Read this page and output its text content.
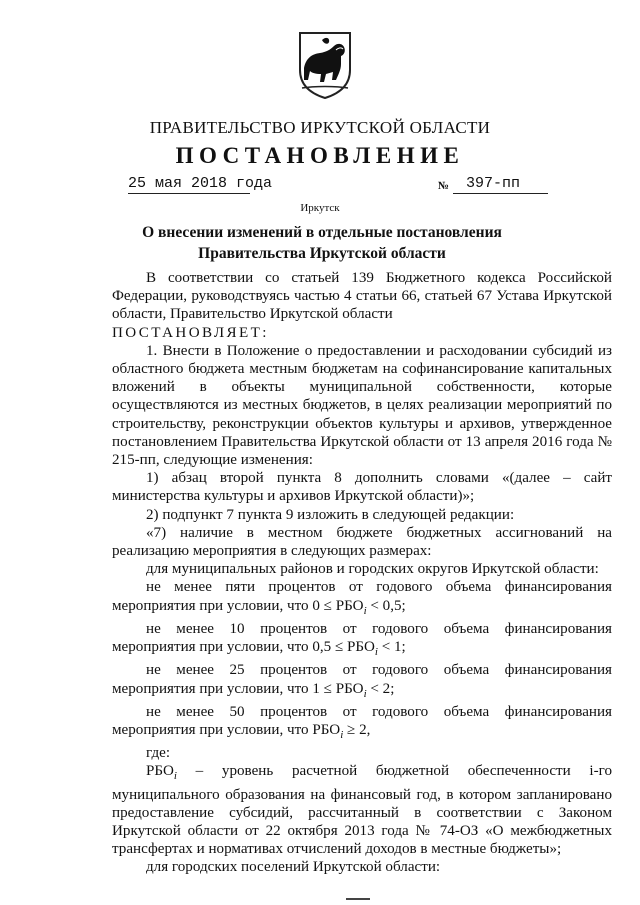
ПРАВИТЕЛЬСТВО ИРКУТСКОЙ ОБЛАСТИ
ПОСТАНОВЛЕНИЕ
25 мая 2018 года	№ 397-пп
Иркутск
О внесении изменений в отдельные постановления Правительства Иркутской области

В соответствии со статьей 139 Бюджетного кодекса Российской Федерации, руководствуясь частью 4 статьи 66, статьей 67 Устава Иркутской области, Правительство Иркутской области

ПОСТАНОВЛЯЕТ:

1. Внести в Положение о предоставлении и расходовании субсидий из областного бюджета местным бюджетам на софинансирование капитальных вложений в объекты муниципальной собственности, которые осуществляются из местных бюджетов, в целях реализации мероприятий по строительству, реконструкции объектов культуры и архивов, утвержденное постановлением Правительства Иркутской области от 13 апреля 2016 года № 215-пп, следующие изменения:

1) абзац второй пункта 8 дополнить словами «(далее – сайт министерства культуры и архивов Иркутской области)»;

2) подпункт 7 пункта 9 изложить в следующей редакции:

«7) наличие в местном бюджете бюджетных ассигнований на реализацию мероприятия в следующих размерах:

для муниципальных районов и городских округов Иркутской области:

не менее пяти процентов от годового объема финансирования мероприятия при условии, что $0 \le РБО_i < 0,5$;

не менее 10 процентов от годового объема финансирования мероприятия при условии, что $0,5 \le РБО_i < 1$;

не менее 25 процентов от годового объема финансирования мероприятия при условии, что $1 \le РБО_i < 2$;

не менее 50 процентов от годового объема финансирования мероприятия при условии, что $РБО_i \ge 2$,

где:

$РБО_i$ – уровень расчетной бюджетной обеспеченности i-го муниципального образования на финансовый год, в котором запланировано предоставление субсидий, рассчитанный в соответствии с Законом Иркутской области от 22 октября 2013 года № 74-ОЗ «О межбюджетных трансфертах и нормативах отчислений доходов в местные бюджеты»;

для городских поселений Иркутской области:
